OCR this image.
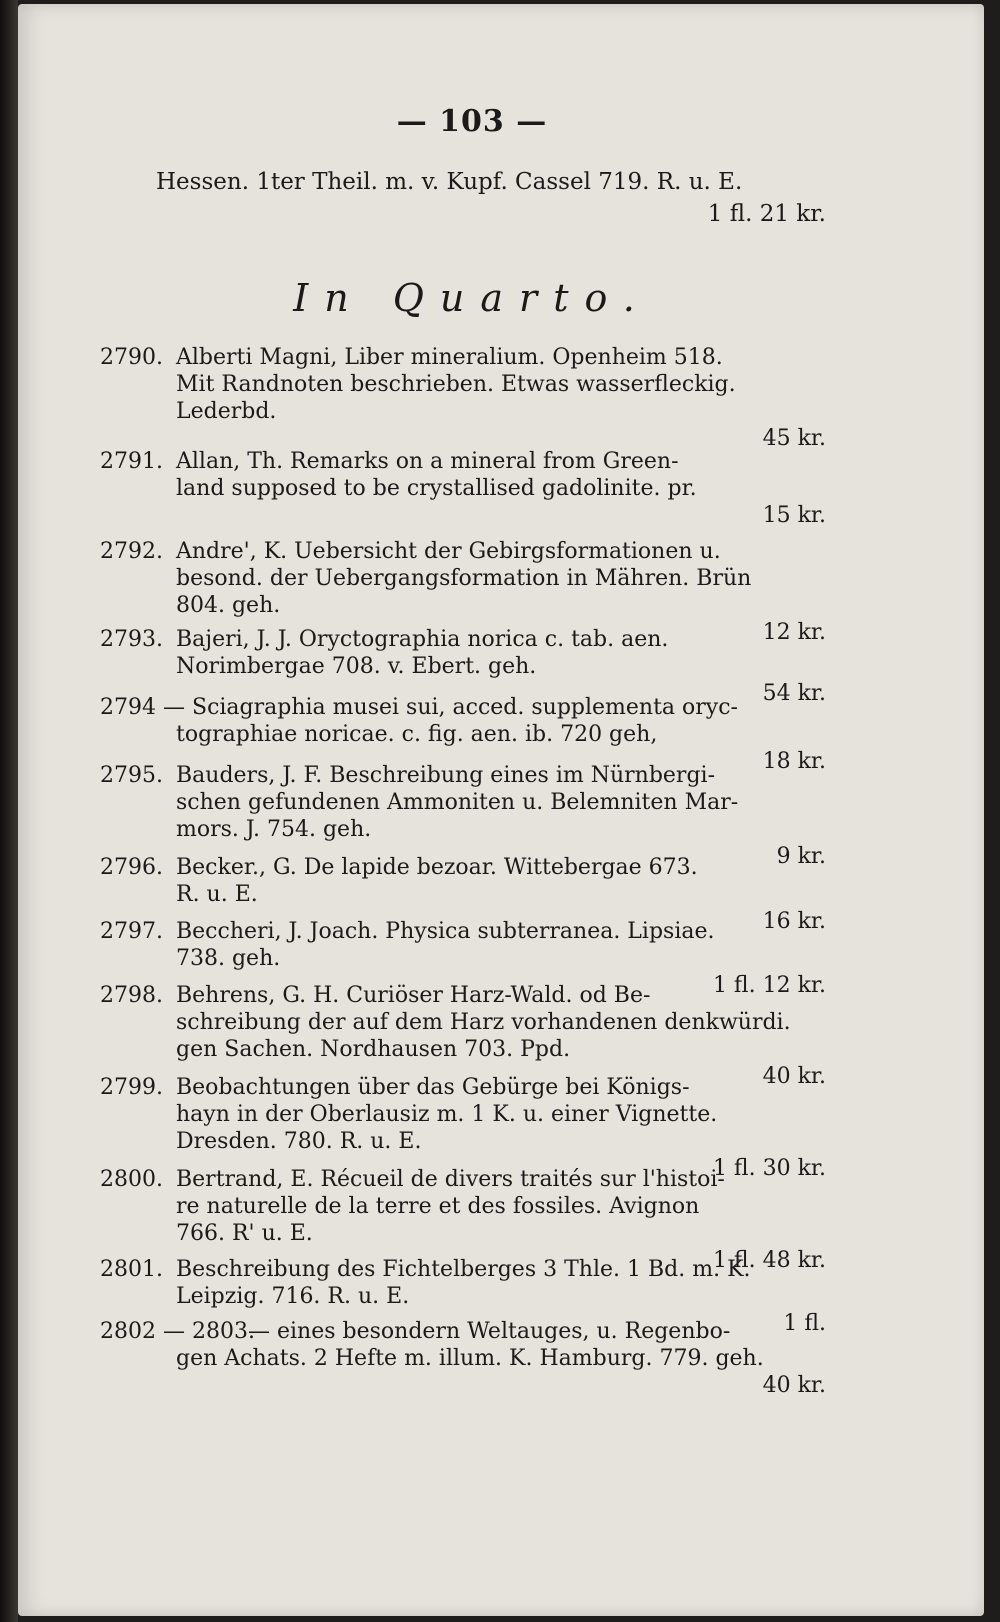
— 103 —
Hessen. 1ter Theil. m. v. Kupf. Cassel 719. R. u. E.
1 fl. 21 kr.
In Quarto.
2790. Alberti Magni, Liber mineralium. Openheim 518.
Mit Randnoten beschrieben. Etwas wasserfleckig.
Lederbd.
45 kr.
2791. Allan, Th. Remarks on a mineral from Green-
land supposed to be crystallised gadolinite. pr.
15 kr.
2792. Andre', K. Uebersicht der Gebirgsformationen u.
besond. der Uebergangsformation in Mähren. Brün
804. geh.
12 kr.
2793. Bajeri, J. J. Oryctographia norica c. tab. aen.
Norimbergae 708. v. Ebert. geh.
54 kr.
2794 — Sciagraphia musei sui, acced. supplementa oryc-
tographiae noricae. c. fig. aen. ib. 720 geh,
18 kr.
2795. Bauders, J. F. Beschreibung eines im Nürnbergi-
schen gefundenen Ammoniten u. Belemniten Mar-
mors. J. 754. geh.
9 kr.
2796. Becker., G. De lapide bezoar. Wittebergae 673.
R. u. E.
16 kr.
2797. Beccheri, J. Joach. Physica subterranea. Lipsiae.
738. geh.
1 fl. 12 kr.
2798. Behrens, G. H. Curiöser Harz-Wald. od Be-
schreibung der auf dem Harz vorhandenen denkwürdi.
gen Sachen. Nordhausen 703. Ppd.
40 kr.
2799. Beobachtungen über das Gebürge bei Königs-
hayn in der Oberlausiz m. 1 K. u. einer Vignette.
Dresden. 780. R. u. E.
1 fl. 30 kr.
2800. Bertrand, E. Récueil de divers traités sur l'histoi-
re naturelle de la terre et des fossiles. Avignon
766. R' u. E.
1 fl. 48 kr.
2801. Beschreibung des Fichtelberges 3 Thle. 1 Bd. m. K.
Leipzig. 716. R. u. E.
1 fl.
2802 — 2803.
— eines besondern Weltauges, u. Regenbo-
gen Achats. 2 Hefte m. illum. K. Hamburg. 779. geh.
40 kr.
